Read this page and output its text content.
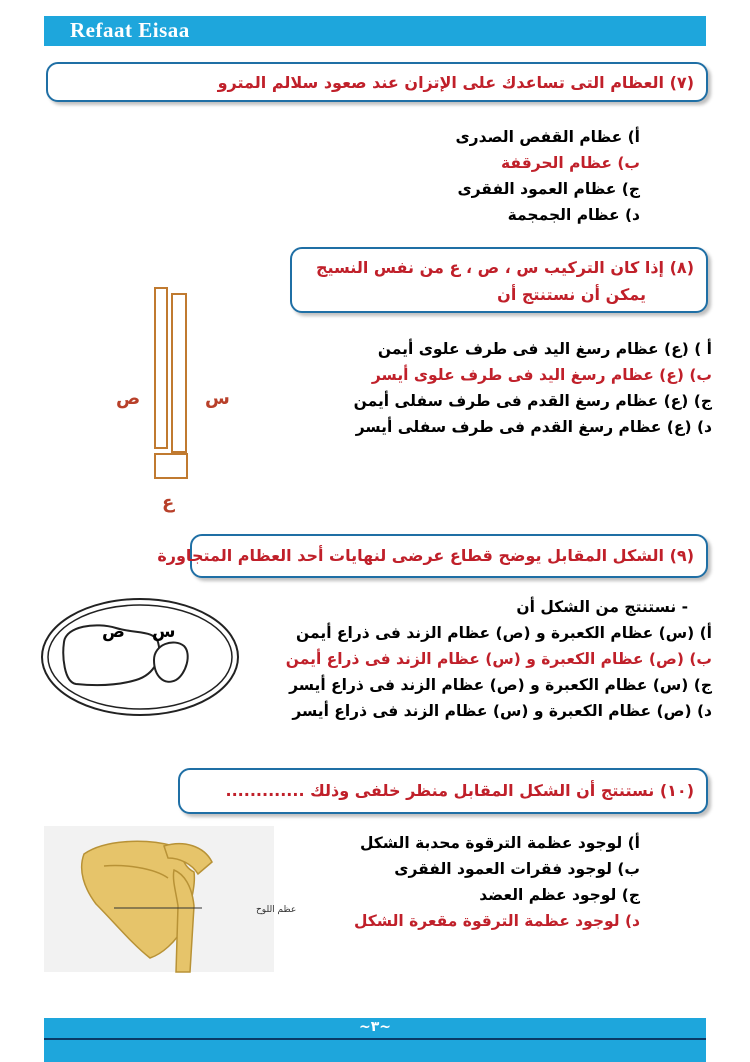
Refaat Eisaa
(٧) العظام التى تساعدك على الإتزان عند صعود سلالم المترو
أ) عظام القفص الصدرى
ب) عظام الحرقفة
ج) عظام العمود الفقرى
د) عظام الجمجمة
(٨) إذا كان التركيب س ، ص ، ع من نفس النسيج
يمكن أن نستنتج أن
ص	س
ع
أ ) (ع) عظام رسغ اليد فى طرف علوى أيمن
ب) (ع) عظام رسغ اليد فى طرف علوى أيسر
ج) (ع) عظام رسغ القدم فى طرف سفلى أيمن
د) (ع) عظام رسغ القدم فى طرف سفلى أيسر
(٩) الشكل المقابل يوضح قطاع عرضى لنهايات أحد العظام المتجاورة
ص س
- نستنتج من الشكل أن
أ) (س) عظام الكعبرة و (ص) عظام الزند فى ذراع أيمن
ب) (ص) عظام الكعبرة و (س) عظام الزند فى ذراع أيمن
ج) (س) عظام الكعبرة و (ص) عظام الزند فى ذراع أيسر
د) (ص) عظام الكعبرة و (س) عظام الزند فى ذراع أيسر
(١٠) نستنتج أن الشكل المقابل منظر خلفى وذلك .............
عظم اللوح
أ) لوجود عظمة الترقوة محدبة الشكل
ب) لوجود فقرات العمود الفقرى
ج) لوجود عظم العضد
د) لوجود عظمة الترقوة مقعرة الشكل
~٣~
